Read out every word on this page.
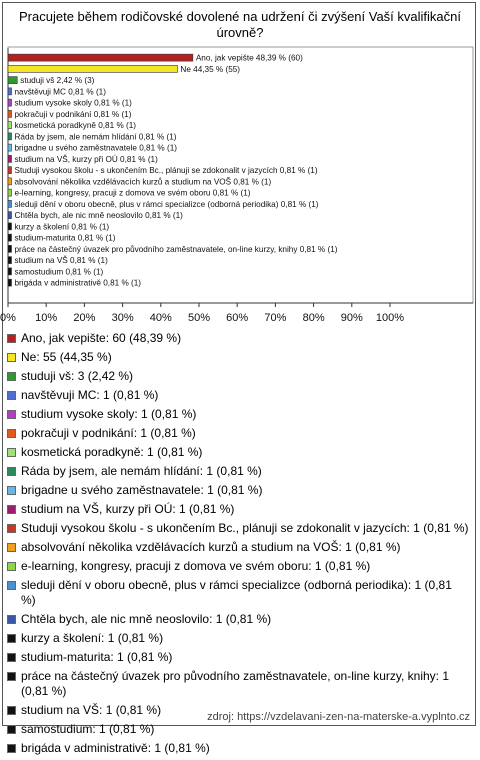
Pracujete během rodičovské dovolené na udržení či zvýšení Vaší kvalifikační úrovně?
Ano, jak vepište 48,39 % (60)
Ne 44,35 % (55)
studuji vš 2,42 % (3)
navštěvuji MC 0,81 % (1)
studium vysoke skoly 0,81 % (1)
pokračuji v podnikání 0,81 % (1)
kosmetická poradkyně 0,81 % (1)
Ráda by jsem, ale nemám hlídání 0,81 % (1)
brigadne u svého zaměstnavatele 0,81 % (1)
studium na VŠ, kurzy při OÚ 0,81 % (1)
Studuji vysokou školu - s ukončením Bc., plánuji se zdokonalit v jazycích 0,81 % (1)
absolvování několika vzdělávacích kurzů a studium na VOŠ 0,81 % (1)
e-learning, kongresy, pracuji z domova ve svém oboru 0,81 % (1)
sleduji dění v oboru obecně, plus v rámci specializce (odborná periodika) 0,81 % (1)
Chtěla bych, ale nic mně neoslovilo 0,81 % (1)
kurzy a školení 0,81 % (1)
studium-maturita 0,81 % (1)
práce na částečný úvazek pro původního zaměstnavatele, on-line kurzy, knihy 0,81 % (1)
studium na VŠ 0,81 % (1)
samostudium 0,81 % (1)
brigáda v administrativě 0,81 % (1)
0% 10% 20% 30% 40% 50% 60% 70% 80% 90% 100%
Ano, jak vepište: 60 (48,39 %)
Ne: 55 (44,35 %)
studuji vš: 3 (2,42 %)
navštěvuji MC: 1 (0,81 %)
studium vysoke skoly: 1 (0,81 %)
pokračuji v podnikání: 1 (0,81 %)
kosmetická poradkyně: 1 (0,81 %)
Ráda by jsem, ale nemám hlídání: 1 (0,81 %)
brigadne u svého zaměstnavatele: 1 (0,81 %)
studium na VŠ, kurzy při OÚ: 1 (0,81 %)
Studuji vysokou školu - s ukončením Bc., plánuji se zdokonalit v jazycích: 1 (0,81 %)
absolvování několika vzdělávacích kurzů a studium na VOŠ: 1 (0,81 %)
e-learning, kongresy, pracuji z domova ve svém oboru: 1 (0,81 %)
sleduji dění v oboru obecně, plus v rámci specializce (odborná periodika): 1 (0,81 %)
Chtěla bych, ale nic mně neoslovilo: 1 (0,81 %)
kurzy a školení: 1 (0,81 %)
studium-maturita: 1 (0,81 %)
práce na částečný úvazek pro původního zaměstnavatele, on-line kurzy, knihy: 1 (0,81 %)
studium na VŠ: 1 (0,81 %)
samostudium: 1 (0,81 %)
brigáda v administrativě: 1 (0,81 %)
zdroj: https://vzdelavani-zen-na-materske-a.vyplnto.cz
